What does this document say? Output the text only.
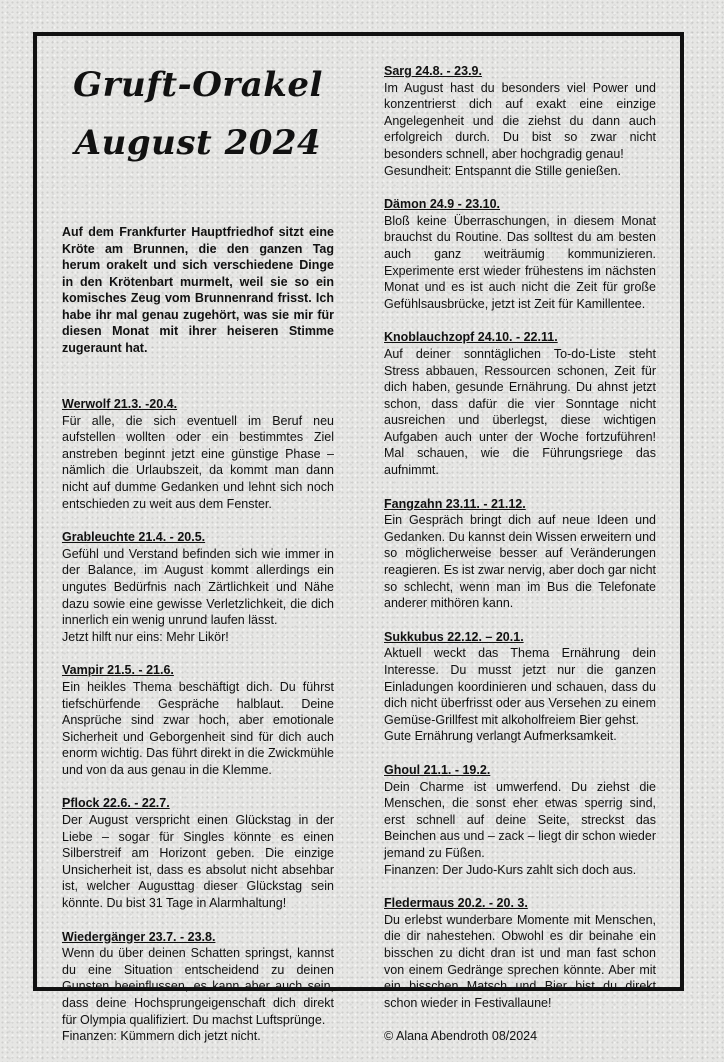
Gruft-Orakel
August 2024

Auf dem Frankfurter Hauptfriedhof sitzt eine Kröte am Brunnen, die den ganzen Tag herum orakelt und sich verschiedene Dinge in den Krötenbart murmelt, weil sie so ein komisches Zeug vom Brunnenrand frisst. Ich habe ihr mal genau zugehört, was sie mir für diesen Monat mit ihrer heiseren Stimme zugeraunt hat.

Werwolf 21.3. -20.4.

Für alle, die sich eventuell im Beruf neu aufstellen wollten oder ein bestimmtes Ziel anstreben beginnt jetzt eine günstige Phase – nämlich die Urlaubszeit, da kommt man dann nicht auf dumme Gedanken und lehnt sich noch entschieden zu weit aus dem Fenster.

Grableuchte 21.4. - 20.5.

Gefühl und Verstand befinden sich wie immer in der Balance, im August kommt allerdings ein ungutes Bedürfnis nach Zärtlichkeit und Nähe dazu sowie eine gewisse Verletzlichkeit, die dich innerlich ein wenig unrund laufen lässt.

Jetzt hilft nur eins: Mehr Likör!

Vampir 21.5. - 21.6.

Ein heikles Thema beschäftigt dich. Du führst tiefschürfende Gespräche halblaut. Deine Ansprüche sind zwar hoch, aber emotionale Sicherheit und Geborgenheit sind für dich auch enorm wichtig. Das führt direkt in die Zwickmühle und von da aus genau in die Klemme.

Pflock 22.6. - 22.7.

Der August verspricht einen Glückstag in der Liebe – sogar für Singles könnte es einen Silberstreif am Horizont geben. Die einzige Unsicherheit ist, dass es absolut nicht absehbar ist, welcher Augusttag dieser Glückstag sein könnte. Du bist 31 Tage in Alarmhaltung!

Wiedergänger 23.7. - 23.8.

Wenn du über deinen Schatten springst, kannst du eine Situation entscheidend zu deinen Gunsten beeinflussen, es kann aber auch sein, dass deine Hochsprungeigenschaft dich direkt für Olympia qualifiziert. Du machst Luftsprünge.

Finanzen: Kümmern dich jetzt nicht.

Sarg 24.8. - 23.9.

Im August hast du besonders viel Power und konzentrierst dich auf exakt eine einzige Angelegenheit und die ziehst du dann auch erfolgreich durch. Du bist so zwar nicht besonders schnell, aber hochgradig genau!

Gesundheit: Entspannt die Stille genießen.

Dämon 24.9 - 23.10.

Bloß keine Überraschungen, in diesem Monat brauchst du Routine. Das solltest du am besten auch ganz weiträumig kommunizieren. Experimente erst wieder frühestens im nächsten Monat und es ist auch nicht die Zeit für große Gefühlsausbrücke, jetzt ist Zeit für Kamillentee.

Knoblauchzopf 24.10. - 22.11.

Auf deiner sonntäglichen To-do-Liste steht Stress abbauen, Ressourcen schonen, Zeit für dich haben, gesunde Ernährung. Du ahnst jetzt schon, dass dafür die vier Sonntage nicht ausreichen und überlegst, diese wichtigen Aufgaben auch unter der Woche fortzuführen! Mal schauen, wie die Führungsriege das aufnimmt.

Fangzahn 23.11. - 21.12.

Ein Gespräch bringt dich auf neue Ideen und Gedanken. Du kannst dein Wissen erweitern und so möglicherweise besser auf Veränderungen reagieren. Es ist zwar nervig, aber doch gar nicht so schlecht, wenn man im Bus die Telefonate anderer mithören kann.

Sukkubus 22.12. – 20.1.

Aktuell weckt das Thema Ernährung dein Interesse. Du musst jetzt nur die ganzen Einladungen koordinieren und schauen, dass du dich nicht überfrisst oder aus Versehen zu einem Gemüse-Grillfest mit alkoholfreiem Bier gehst.

Gute Ernährung verlangt Aufmerksamkeit.

Ghoul 21.1. - 19.2.

Dein Charme ist umwerfend. Du ziehst die Menschen, die sonst eher etwas sperrig sind, erst schnell auf deine Seite, streckst das Beinchen aus und – zack – liegt dir schon wieder jemand zu Füßen.

Finanzen: Der Judo-Kurs zahlt sich doch aus.

Fledermaus 20.2. - 20. 3.

Du erlebst wunderbare Momente mit Menschen, die dir nahestehen. Obwohl es dir beinahe ein bisschen zu dicht dran ist und man fast schon von einem Gedränge sprechen könnte. Aber mit ein bisschen Matsch und Bier bist du direkt schon wieder in Festivallaune!

© Alana Abendroth 08/2024
